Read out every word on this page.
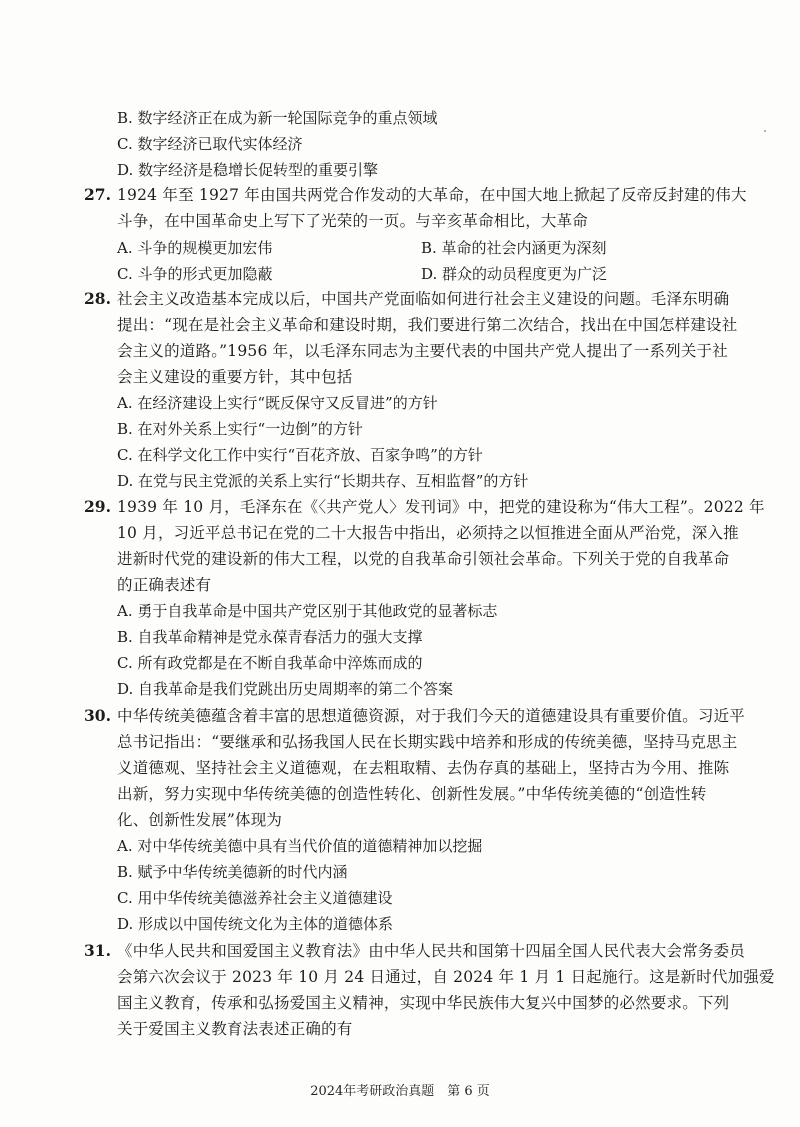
B. 数字经济正在成为新一轮国际竞争的重点领域
C. 数字经济已取代实体经济
D. 数字经济是稳增长促转型的重要引擎
27. 1924 年至 1927 年由国共两党合作发动的大革命，在中国大地上掀起了反帝反封建的伟大
斗争，在中国革命史上写下了光荣的一页。与辛亥革命相比，大革命
A. 斗争的规模更加宏伟	B. 革命的社会内涵更为深刻
C. 斗争的形式更加隐蔽	D. 群众的动员程度更为广泛
28. 社会主义改造基本完成以后，中国共产党面临如何进行社会主义建设的问题。毛泽东明确
提出：“现在是社会主义革命和建设时期，我们要进行第二次结合，找出在中国怎样建设社
会主义的道路。”1956 年，以毛泽东同志为主要代表的中国共产党人提出了一系列关于社
会主义建设的重要方针，其中包括
A. 在经济建设上实行“既反保守又反冒进”的方针
B. 在对外关系上实行“一边倒”的方针
C. 在科学文化工作中实行“百花齐放、百家争鸣”的方针
D. 在党与民主党派的关系上实行“长期共存、互相监督”的方针
29. 1939 年 10 月，毛泽东在《〈共产党人〉发刊词》中，把党的建设称为“伟大工程”。2022 年
10 月，习近平总书记在党的二十大报告中指出，必须持之以恒推进全面从严治党，深入推
进新时代党的建设新的伟大工程，以党的自我革命引领社会革命。下列关于党的自我革命
的正确表述有
A. 勇于自我革命是中国共产党区别于其他政党的显著标志
B. 自我革命精神是党永葆青春活力的强大支撑
C. 所有政党都是在不断自我革命中淬炼而成的
D. 自我革命是我们党跳出历史周期率的第二个答案
30. 中华传统美德蕴含着丰富的思想道德资源，对于我们今天的道德建设具有重要价值。习近平
总书记指出：“要继承和弘扬我国人民在长期实践中培养和形成的传统美德，坚持马克思主
义道德观、坚持社会主义道德观，在去粗取精、去伪存真的基础上，坚持古为今用、推陈
出新，努力实现中华传统美德的创造性转化、创新性发展。”中华传统美德的“创造性转
化、创新性发展”体现为
A. 对中华传统美德中具有当代价值的道德精神加以挖掘
B. 赋予中华传统美德新的时代内涵
C. 用中华传统美德滋养社会主义道德建设
D. 形成以中国传统文化为主体的道德体系
31. 《中华人民共和国爱国主义教育法》由中华人民共和国第十四届全国人民代表大会常务委员
会第六次会议于 2023 年 10 月 24 日通过，自 2024 年 1 月 1 日起施行。这是新时代加强爱
国主义教育，传承和弘扬爱国主义精神，实现中华民族伟大复兴中国梦的必然要求。下列
关于爱国主义教育法表述正确的有
2024年考研政治真题　第 6 页
